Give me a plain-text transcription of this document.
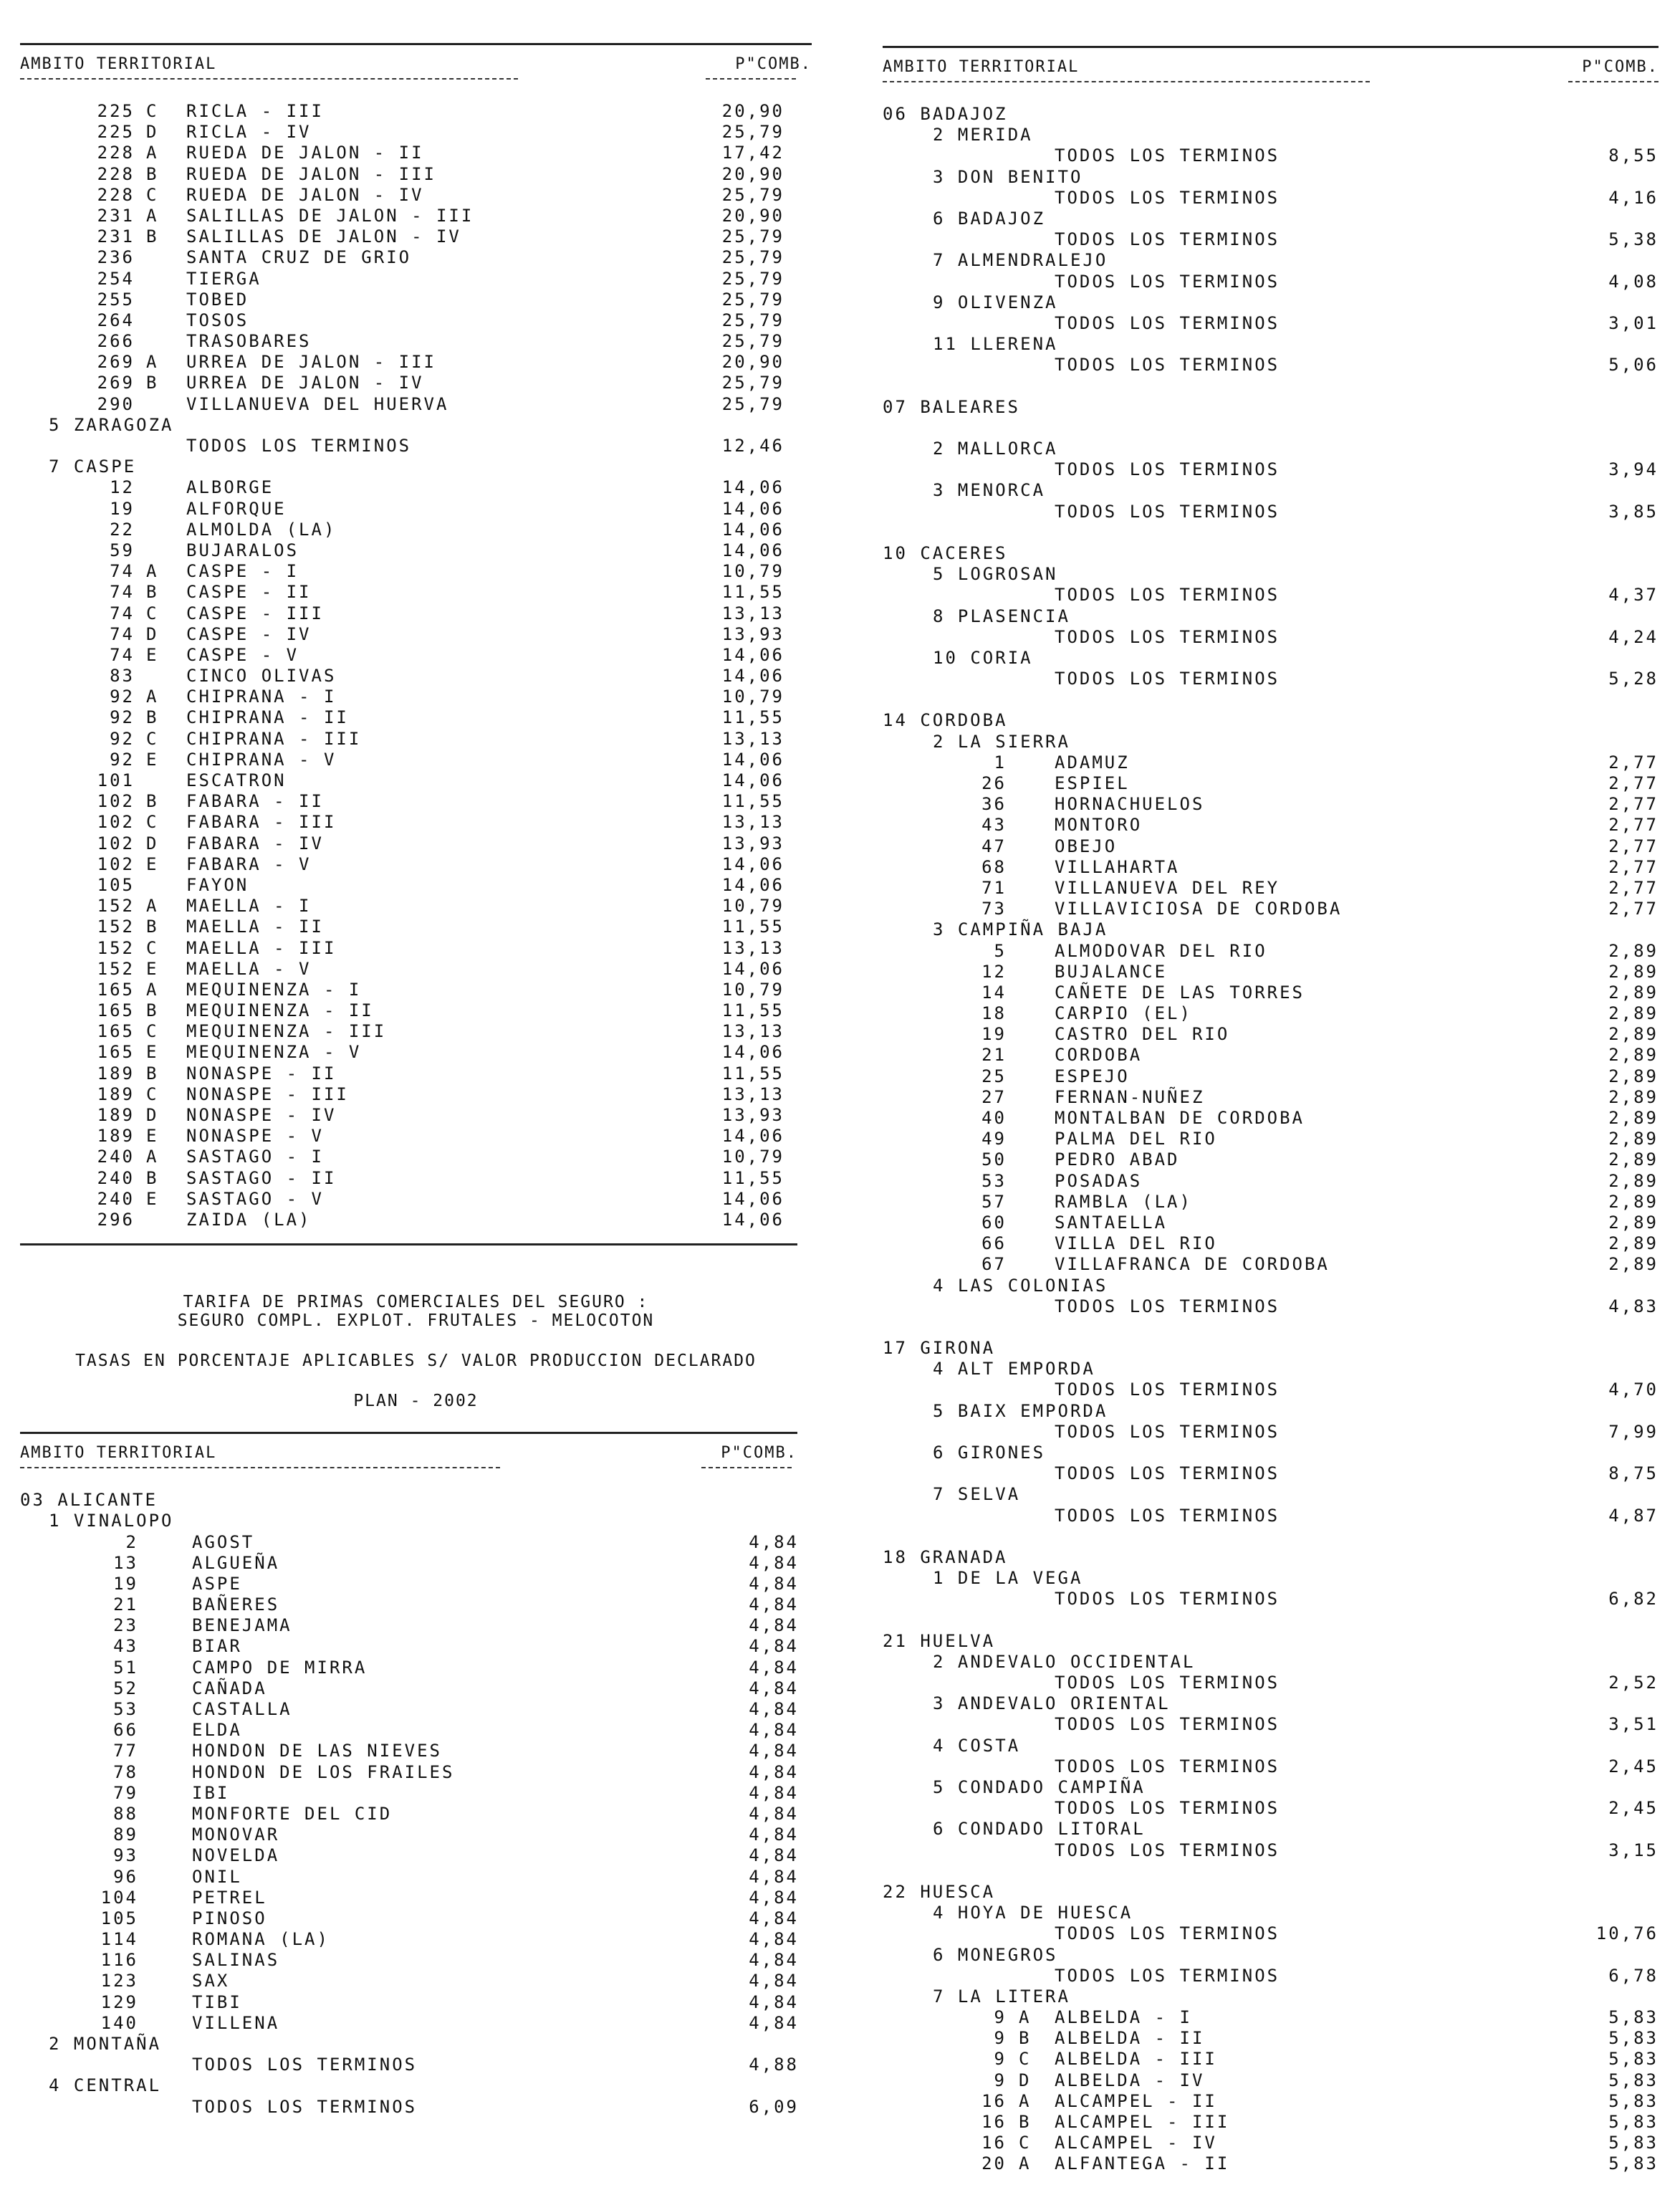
AMBITO TERRITORIAL	P"COMB.
225 C RICLA - III	20,90
225 D RICLA - IV	25,79
228 A RUEDA DE JALON - II	17,42
228 B RUEDA DE JALON - III	20,90
228 C RUEDA DE JALON - IV	25,79
231 A SALILLAS DE JALON - III	20,90
231 B SALILLAS DE JALON - IV	25,79
236	SANTA CRUZ DE GRIO	25,79
254	TIERGA	25,79
255	TOBED	25,79
264	TOSOS	25,79
266	TRASOBARES	25,79
269 A URREA DE JALON - III	20,90
269 B URREA DE JALON - IV	25,79
290	VILLANUEVA DEL HUERVA	25,79
5 ZARAGOZA
TODOS LOS TERMINOS	12,46
7 CASPE
12	ALBORGE	14,06
19	ALFORQUE	14,06
22	ALMOLDA (LA)	14,06
59	BUJARALOS	14,06
74 A CASPE - I	10,79
74 B CASPE - II	11,55
74 C CASPE - III	13,13
74 D CASPE - IV	13,93
74 E CASPE - V	14,06
83	CINCO OLIVAS	14,06
92 A CHIPRANA - I	10,79
92 B CHIPRANA - II	11,55
92 C CHIPRANA - III	13,13
92 E CHIPRANA - V	14,06
101	ESCATRON	14,06
102 B FABARA - II	11,55
102 C FABARA - III	13,13
102 D FABARA - IV	13,93
102 E FABARA - V	14,06
105	FAYON	14,06
152 A MAELLA - I	10,79
152 B MAELLA - II	11,55
152 C MAELLA - III	13,13
152 E MAELLA - V	14,06
165 A MEQUINENZA - I	10,79
165 B MEQUINENZA - II	11,55
165 C MEQUINENZA - III	13,13
165 E MEQUINENZA - V	14,06
189 B NONASPE - II	11,55
189 C NONASPE - III	13,13
189 D NONASPE - IV	13,93
189 E NONASPE - V	14,06
240 A SASTAGO - I	10,79
240 B SASTAGO - II	11,55
240 E SASTAGO - V	14,06
296	ZAIDA (LA)	14,06
TARIFA DE PRIMAS COMERCIALES DEL SEGURO :
SEGURO COMPL. EXPLOT. FRUTALES - MELOCOTON
TASAS EN PORCENTAJE APLICABLES S/ VALOR PRODUCCION DECLARADO
PLAN - 2002
AMBITO TERRITORIAL	P"COMB.
03 ALICANTE
1 VINALOPO
2	AGOST	4,84
13	ALGUEÑA	4,84
19	ASPE	4,84
21	BAÑERES	4,84
23	BENEJAMA	4,84
43	BIAR	4,84
51	CAMPO DE MIRRA	4,84
52	CAÑADA	4,84
53	CASTALLA	4,84
66	ELDA	4,84
77	HONDON DE LAS NIEVES	4,84
78	HONDON DE LOS FRAILES	4,84
79	IBI	4,84
88	MONFORTE DEL CID	4,84
89	MONOVAR	4,84
93	NOVELDA	4,84
96	ONIL	4,84
104	PETREL	4,84
105	PINOSO	4,84
114	ROMANA (LA)	4,84
116	SALINAS	4,84
123	SAX	4,84
129	TIBI	4,84
140	VILLENA	4,84
2 MONTAÑA
TODOS LOS TERMINOS	4,88
4 CENTRAL
TODOS LOS TERMINOS	6,09
AMBITO TERRITORIAL	P"COMB.
06 BADAJOZ
2 MERIDA
TODOS LOS TERMINOS	8,55
3 DON BENITO
TODOS LOS TERMINOS	4,16
6 BADAJOZ
TODOS LOS TERMINOS	5,38
7 ALMENDRALEJO
TODOS LOS TERMINOS	4,08
9 OLIVENZA
TODOS LOS TERMINOS	3,01
11 LLERENA
TODOS LOS TERMINOS	5,06
07 BALEARES
2 MALLORCA
TODOS LOS TERMINOS	3,94
3 MENORCA
TODOS LOS TERMINOS	3,85
10 CACERES
5 LOGROSAN
TODOS LOS TERMINOS	4,37
8 PLASENCIA
TODOS LOS TERMINOS	4,24
10 CORIA
TODOS LOS TERMINOS	5,28
14 CORDOBA
2 LA SIERRA
1	ADAMUZ	2,77
26	ESPIEL	2,77
36	HORNACHUELOS	2,77
43	MONTORO	2,77
47	OBEJO	2,77
68	VILLAHARTA	2,77
71	VILLANUEVA DEL REY	2,77
73	VILLAVICIOSA DE CORDOBA	2,77
3 CAMPIÑA BAJA
5	ALMODOVAR DEL RIO	2,89
12	BUJALANCE	2,89
14	CAÑETE DE LAS TORRES	2,89
18	CARPIO (EL)	2,89
19	CASTRO DEL RIO	2,89
21	CORDOBA	2,89
25	ESPEJO	2,89
27	FERNAN-NUÑEZ	2,89
40	MONTALBAN DE CORDOBA	2,89
49	PALMA DEL RIO	2,89
50	PEDRO ABAD	2,89
53	POSADAS	2,89
57	RAMBLA (LA)	2,89
60	SANTAELLA	2,89
66	VILLA DEL RIO	2,89
67	VILLAFRANCA DE CORDOBA	2,89
4 LAS COLONIAS
TODOS LOS TERMINOS	4,83
17 GIRONA
4 ALT EMPORDA
TODOS LOS TERMINOS	4,70
5 BAIX EMPORDA
TODOS LOS TERMINOS	7,99
6 GIRONES
TODOS LOS TERMINOS	8,75
7 SELVA
TODOS LOS TERMINOS	4,87
18 GRANADA
1 DE LA VEGA
TODOS LOS TERMINOS	6,82
21 HUELVA
2 ANDEVALO OCCIDENTAL
TODOS LOS TERMINOS	2,52
3 ANDEVALO ORIENTAL
TODOS LOS TERMINOS	3,51
4 COSTA
TODOS LOS TERMINOS	2,45
5 CONDADO CAMPIÑA
TODOS LOS TERMINOS	2,45
6 CONDADO LITORAL
TODOS LOS TERMINOS	3,15
22 HUESCA
4 HOYA DE HUESCA
TODOS LOS TERMINOS	10,76
6 MONEGROS
TODOS LOS TERMINOS	6,78
7 LA LITERA
9 A ALBELDA - I	5,83
9 B ALBELDA - II	5,83
9 C ALBELDA - III	5,83
9 D ALBELDA - IV	5,83
16 A ALCAMPEL - II	5,83
16 B ALCAMPEL - III	5,83
16 C ALCAMPEL - IV	5,83
20 A ALFANTEGA - II	5,83
